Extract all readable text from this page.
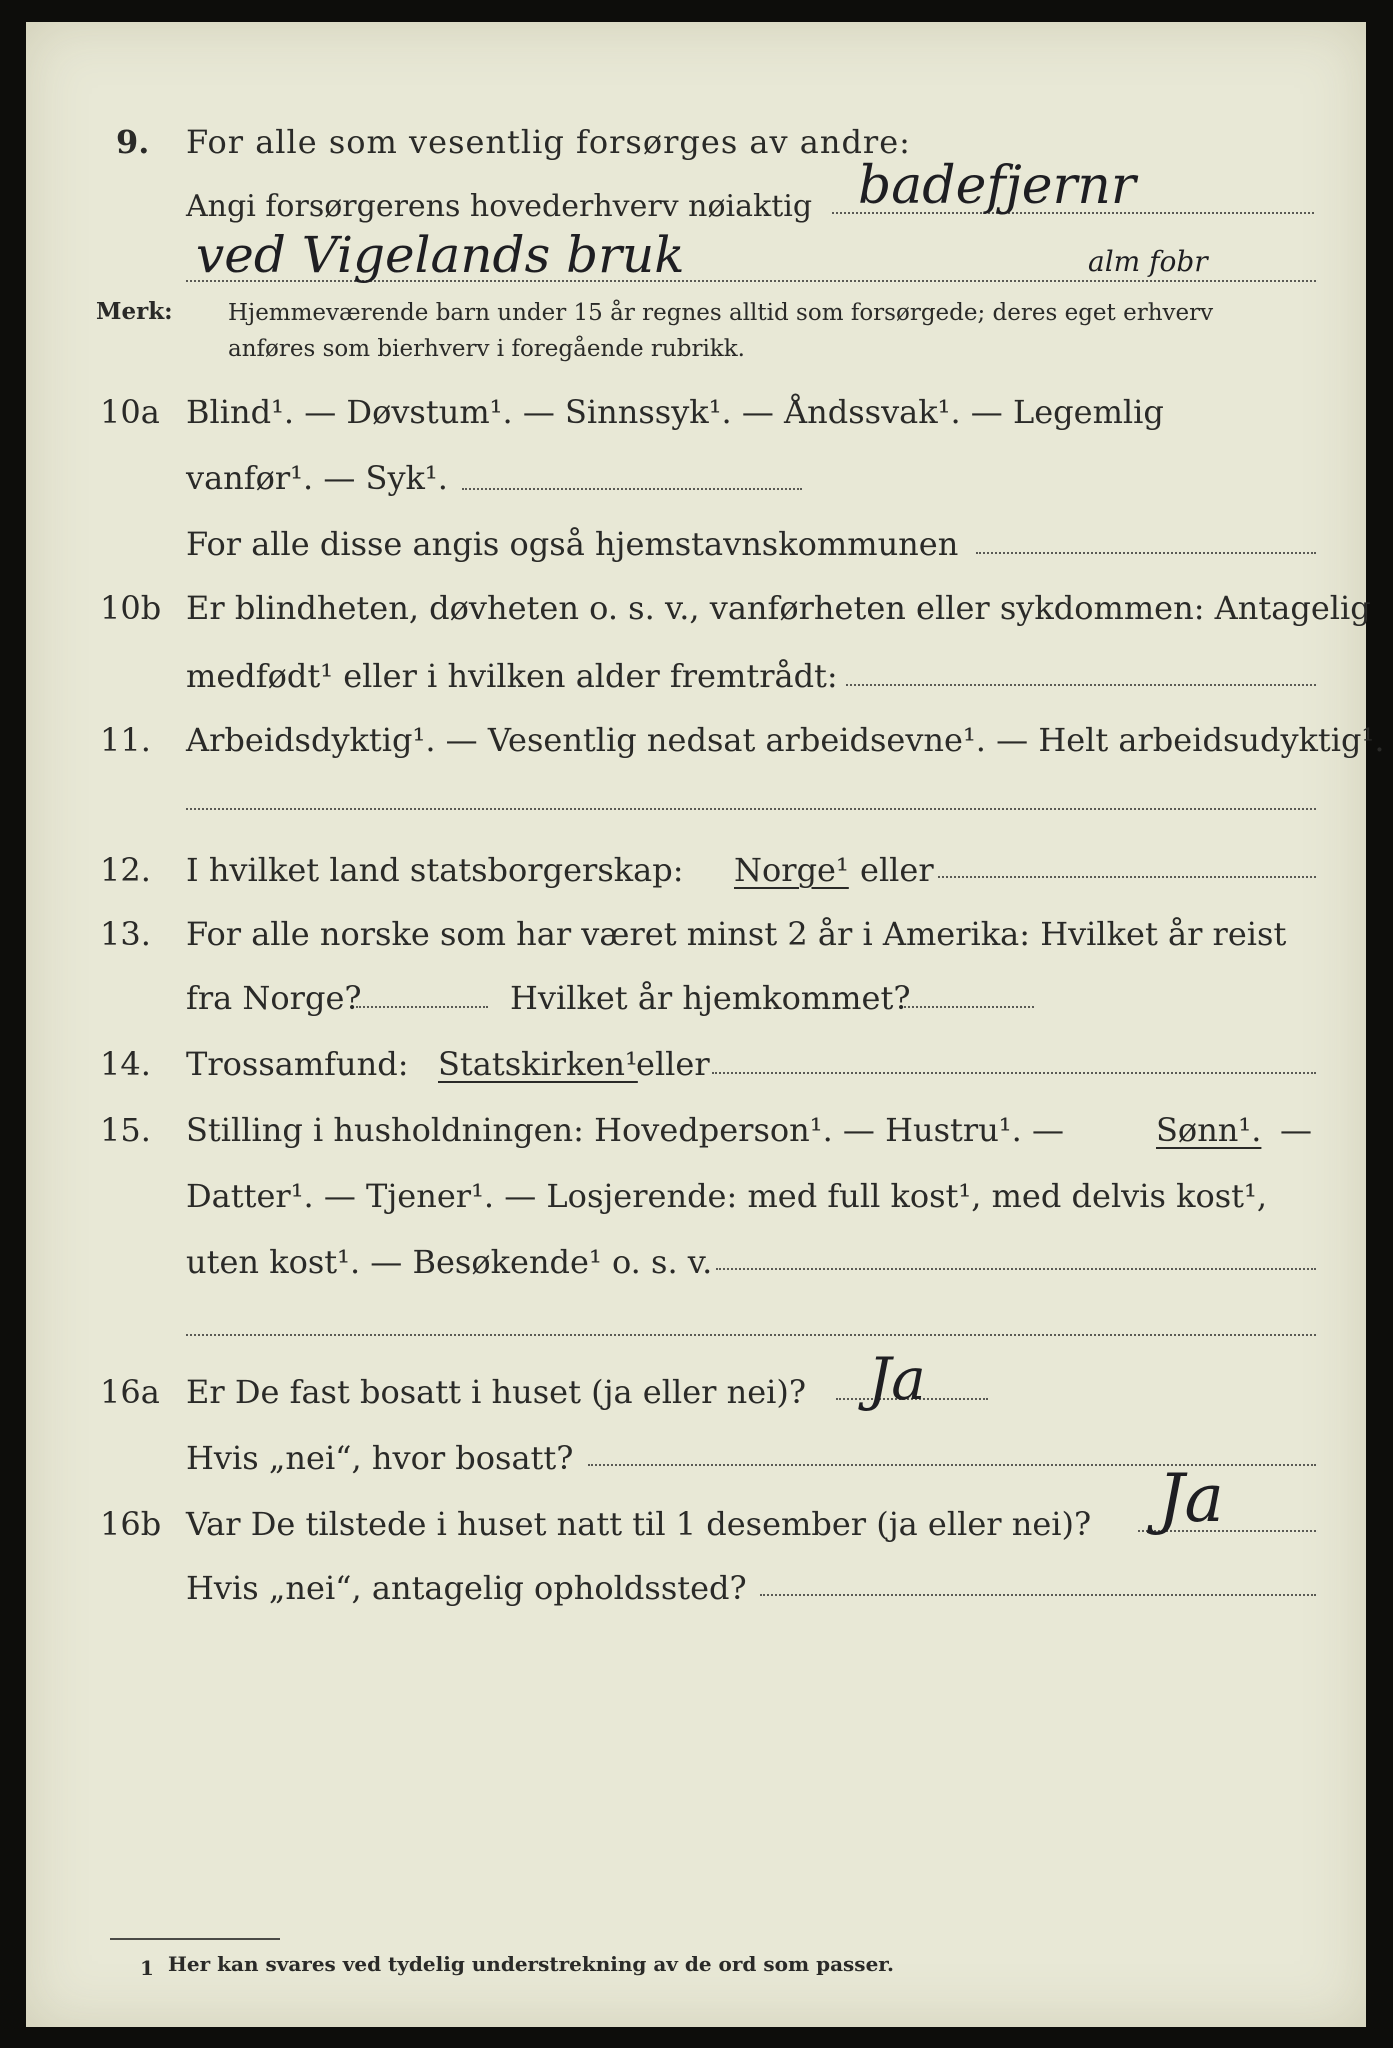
9. For alle som vesentlig forsørges av andre:
Angi forsørgerens hovederhverv nøiaktig badefjernr
ved Vigelands bruk	alm fobr
Merk: Hjemmeværende barn under 15 år regnes alltid som forsørgede; deres eget erhverv
anføres som bierhverv i foregående rubrikk.
10a Blind¹. — Døvstum¹. — Sinnssyk¹. — Åndssvak¹. — Legemlig
vanfør¹. — Syk¹.
For alle disse angis også hjemstavnskommunen
10b Er blindheten, døvheten o. s. v., vanførheten eller sykdommen: Antagelig
medfødt¹ eller i hvilken alder fremtrådt:
11. Arbeidsdyktig¹. — Vesentlig nedsat arbeidsevne¹. — Helt arbeidsudyktig¹.
12. I hvilket land statsborgerskap: Norge¹ eller
13. For alle norske som har været minst 2 år i Amerika: Hvilket år reist
fra Norge?	Hvilket år hjemkommet?
14. Trossamfund: Statskirken¹
eller
15. Stilling i husholdningen: Hovedperson¹. — Hustru¹. —	Sønn¹. —
Datter¹. — Tjener¹. — Losjerende: med full kost¹, med delvis kost¹,
uten kost¹. — Besøkende¹ o. s. v.
16a Er De fast bosatt i huset (ja eller nei)? Ja
Hvis „nei“, hvor bosatt?
16b Var De tilstede i huset natt til 1 desember (ja eller nei)? Ja
Hvis „nei“, antagelig opholdssted?
1 Her kan svares ved tydelig understrekning av de ord som passer.
